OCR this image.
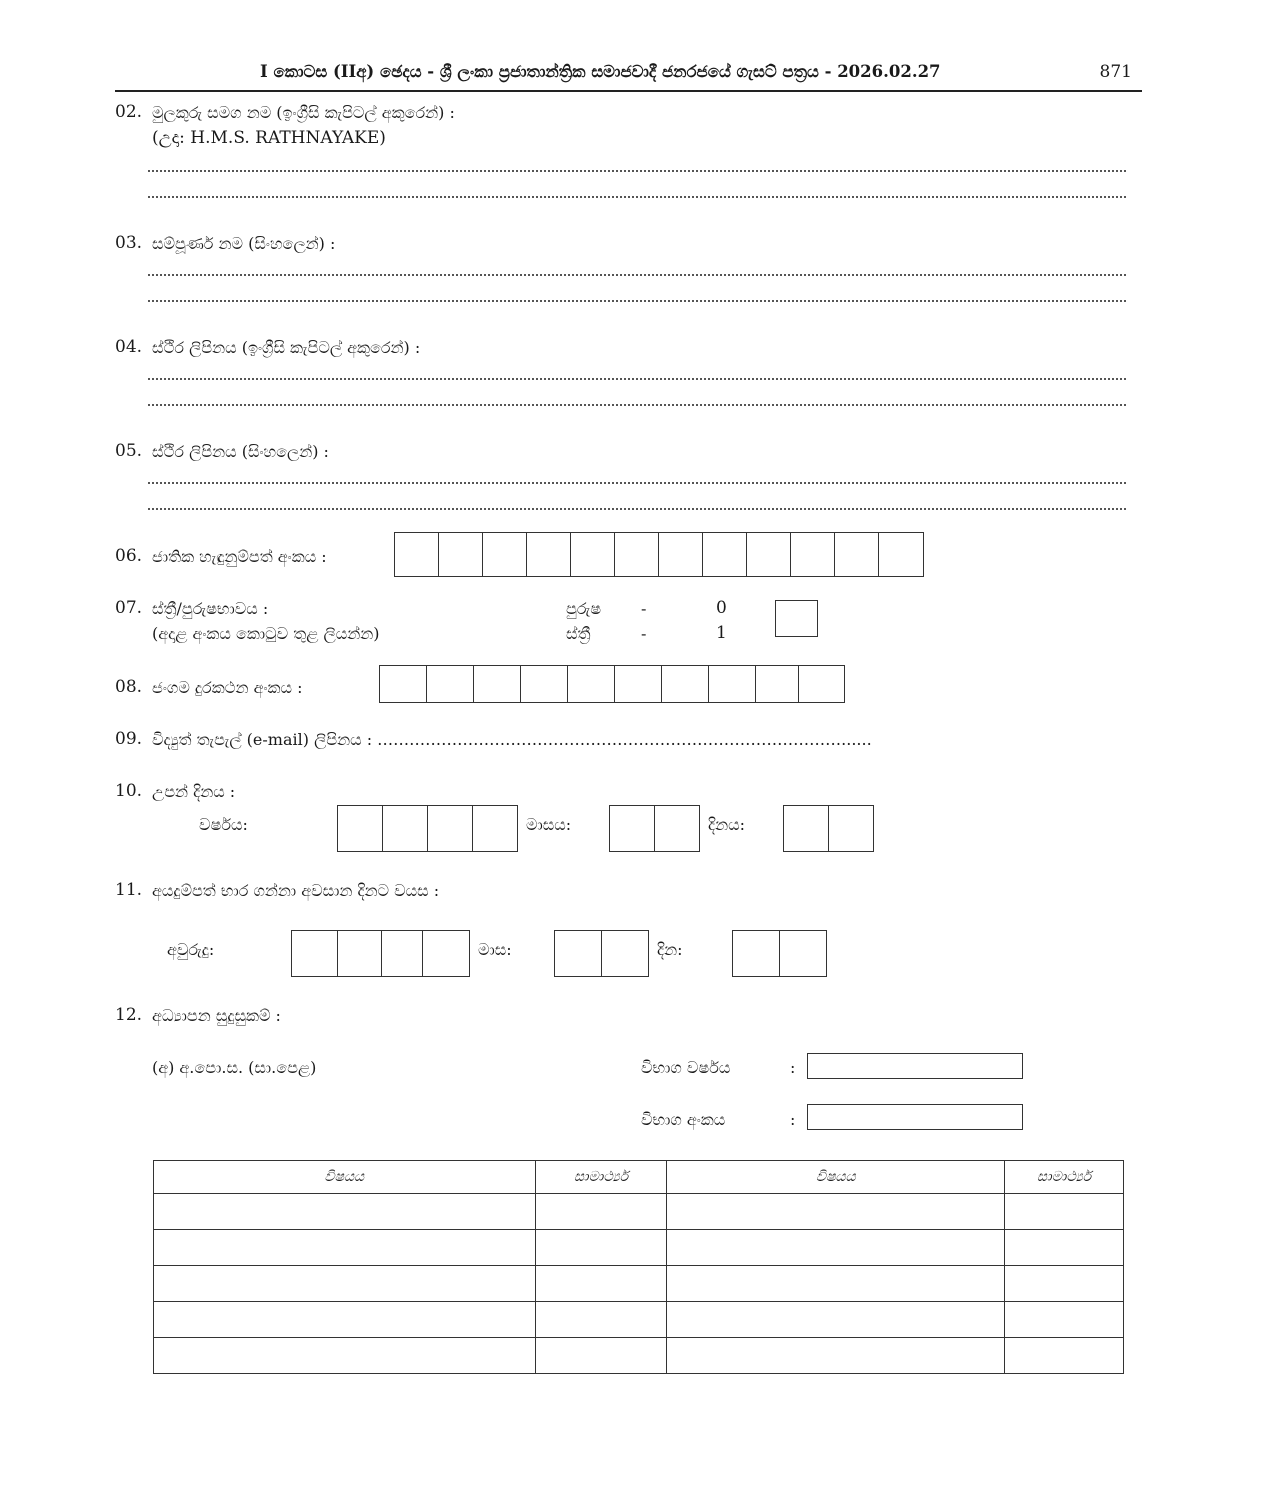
I කොටස (IIඅ) ඡෙදය - ශ්‍රී ලංකා ප්‍රජාතාන්ත්‍රික සමාජවාදී ජනරජයේ ගැසට් පත්‍රය - 2026.02.27	871
02. මුලකුරු සමග නම (ඉංග්‍රීසි කැපිටල් අකුරෙන්) :
(උදා: H.M.S. RATHNAYAKE)
03. සම්පූර්ණ නම (සිංහලෙන්) :
04. ස්ථිර ලිපිනය (ඉංග්‍රීසි කැපිටල් අකුරෙන්) :
05. ස්ථිර ලිපිනය (සිංහලෙන්) :
06. ජාතික හැඳුනුම්පත් අංකය :
07. ස්ත්‍රී/පුරුෂභාවය :
(අදාළ අංකය කොටුව තුළ ලියන්න)
පුරුෂ -	0
ස්ත්‍රී	-	1
08. ජංගම දුරකථන අංකය :
09. විද්‍යුත් තැපැල් (e-mail) ලිපිනය : ……………………………………………………………………………......
10. උපන් දිනය :
වර්ෂය:	මාසය:	දිනය:
11. අයදුම්පත් භාර ගන්නා අවසාන දිනට වයස :
අවුරුදු:	මාස:	දින:
12. අධ්‍යාපන සුදුසුකම් :
(අ) අ.පො.ස. (සා.පෙළ)	විභාග වර්ෂය	:
විභාග අංකය	:
විෂයය	සාමාර්ථ්‍ය	විෂයය	සාමාර්ථ්‍ය
